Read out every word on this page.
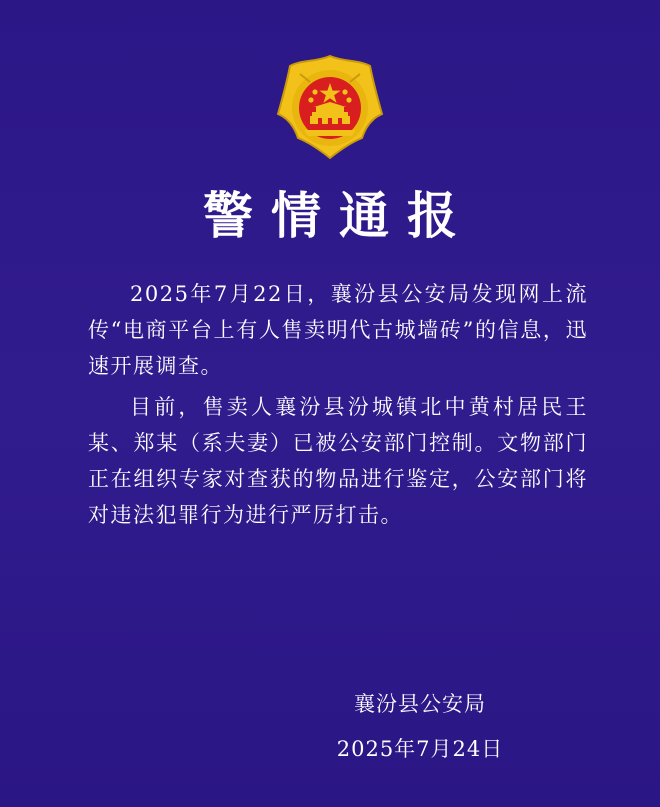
警情通报

2025年7月22日，襄汾县公安局发现网上流传“电商平台上有人售卖明代古城墙砖”的信息，迅速开展调查。

目前，售卖人襄汾县汾城镇北中黄村居民王某、郑某（系夫妻）已被公安部门控制。文物部门正在组织专家对查获的物品进行鉴定，公安部门将对违法犯罪行为进行严厉打击。

襄汾县公安局
2025年7月24日
